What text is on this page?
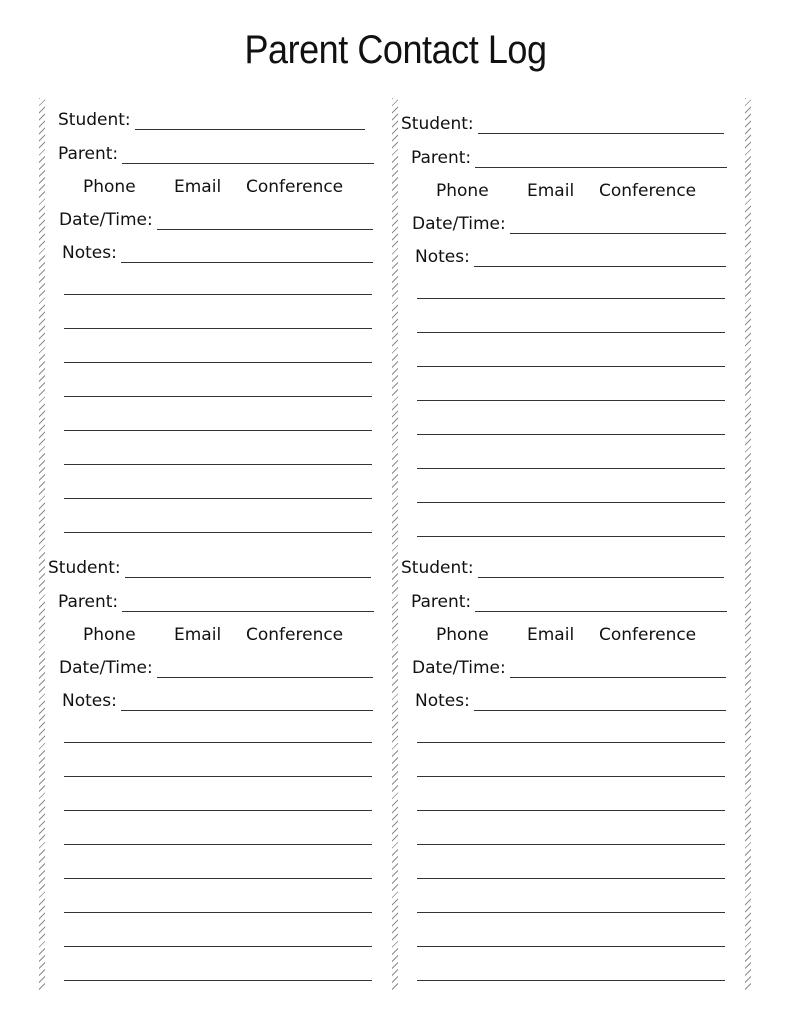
Parent Contact Log
Student:
Parent:
Phone Email Conference
Date/Time:
Notes:
Student:
Parent:
Phone Email Conference
Date/Time:
Notes:
Student:
Parent:
Phone Email Conference
Date/Time:
Notes:
Student:
Parent:
Phone Email Conference
Date/Time:
Notes:
